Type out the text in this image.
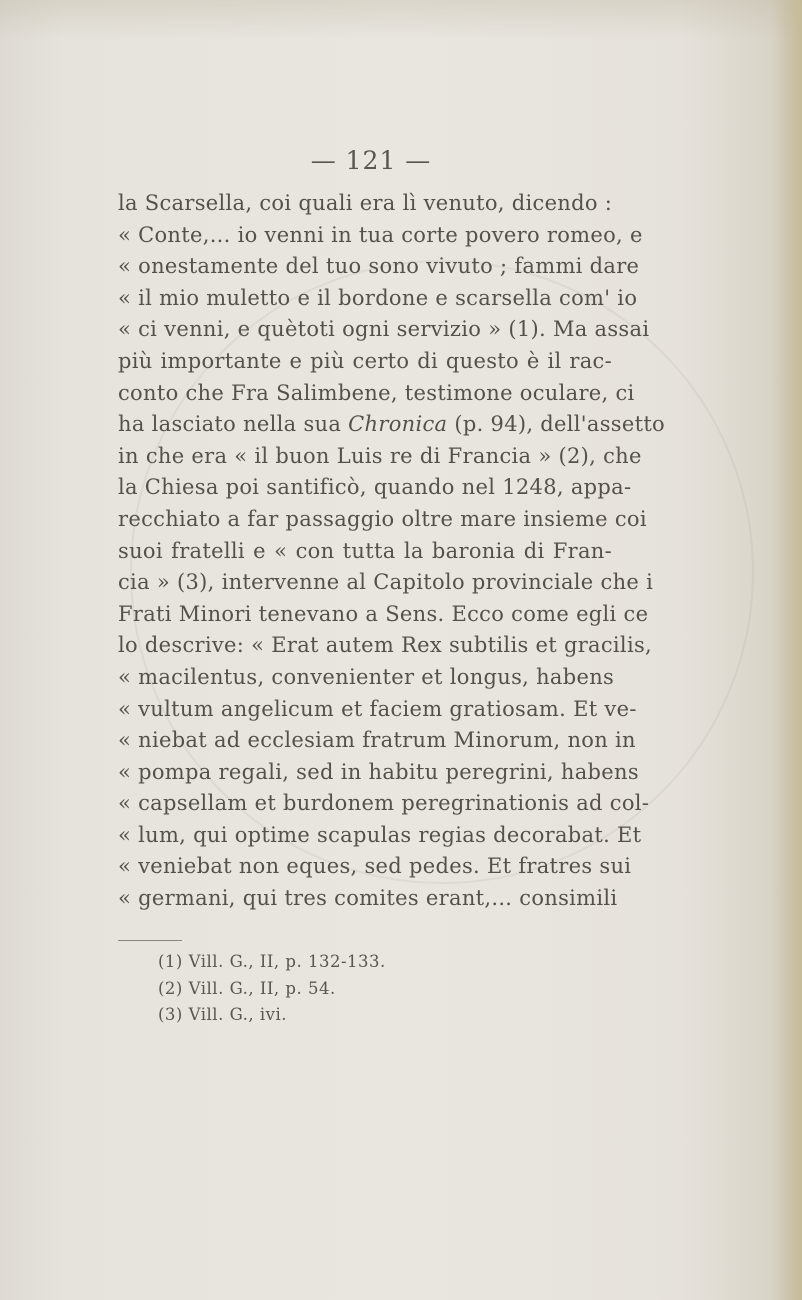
— 121 —
la Scarsella, coi quali era lì venuto, dicendo :
« Conte,... io venni in tua corte povero romeo, e
« onestamente del tuo sono vivuto ; fammi dare
« il mio muletto e il bordone e scarsella com' io
« ci venni, e quètoti ogni servizio » (1). Ma assai
più importante e più certo di questo è il rac-
conto che Fra Salimbene, testimone oculare, ci
ha lasciato nella sua Chronica (p. 94), dell'assetto
in che era « il buon Luis re di Francia » (2), che
la Chiesa poi santificò, quando nel 1248, appa-
recchiato a far passaggio oltre mare insieme coi
suoi fratelli e « con tutta la baronia di Fran-
cia » (3), intervenne al Capitolo provinciale che i
Frati Minori tenevano a Sens. Ecco come egli ce
lo descrive: « Erat autem Rex subtilis et gracilis,
« macilentus, convenienter et longus, habens
« vultum angelicum et faciem gratiosam. Et ve-
« niebat ad ecclesiam fratrum Minorum, non in
« pompa regali, sed in habitu peregrini, habens
« capsellam et burdonem peregrinationis ad col-
« lum, qui optime scapulas regias decorabat. Et
« veniebat non eques, sed pedes. Et fratres sui
« germani, qui tres comites erant,... consimili
(1) Vill. G., II, p. 132-133.
(2) Vill. G., II, p. 54.
(3) Vill. G., ivi.
